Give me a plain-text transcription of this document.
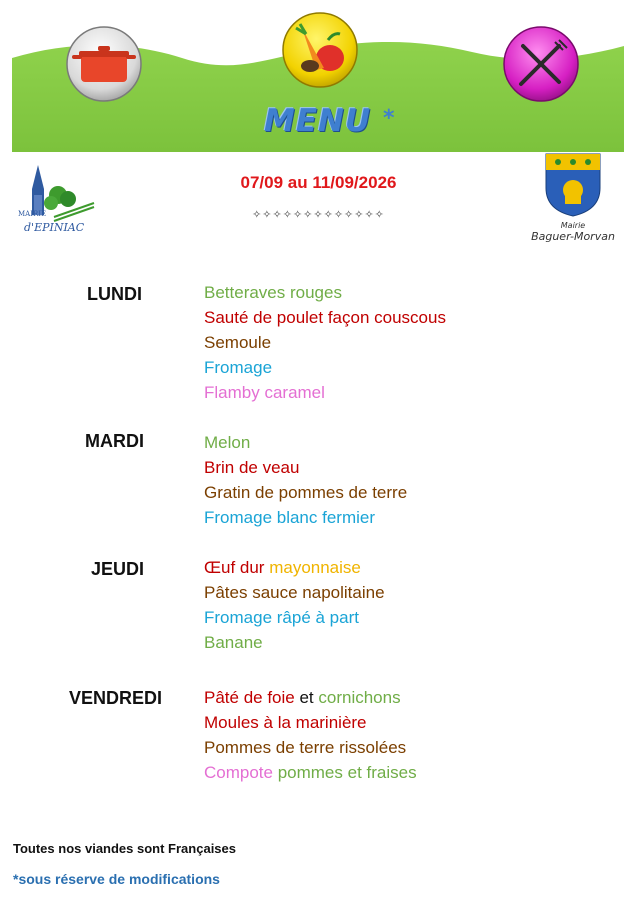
MENU *
MAIRIE
d'EPINIAC	Mairie
Baguer-Morvan
07/09 au 11/09/2026
✧✧✧✧✧✧✧✧✧✧✧✧✧
LUNDI	Betteraves rouges
Sauté de poulet façon couscous
Semoule
Fromage
Flamby caramel
MARDI	Melon
Brin de veau
Gratin de pommes de terre
Fromage blanc fermier
JEUDI	Œuf dur mayonnaise
Pâtes sauce napolitaine
Fromage râpé à part
Banane
VENDREDI Pâté de foie et cornichons
Moules à la marinière
Pommes de terre rissolées
Compote pommes et fraises
Toutes nos viandes sont Françaises
*sous réserve de modifications
